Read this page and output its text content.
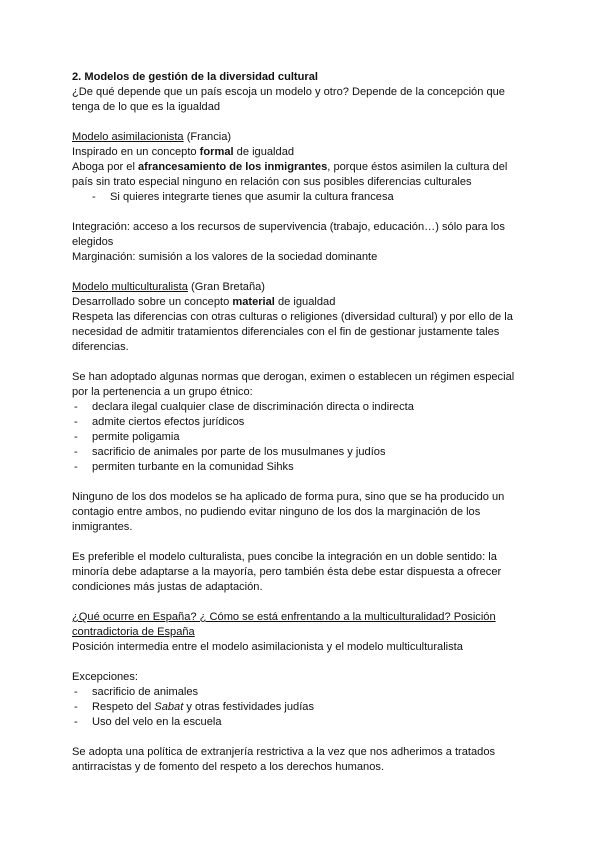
2. Modelos de gestión de la diversidad cultural

¿De qué depende que un país escoja un modelo y otro? Depende de la concepción que tenga de lo que es la igualdad

Modelo asimilacionista (Francia)

Inspirado en un concepto formal de igualdad

Aboga por el afrancesamiento de los inmigrantes, porque éstos asimilen la cultura del país sin trato especial ninguno en relación con sus posibles diferencias culturales

- Si quieres integrarte tienes que asumir la cultura francesa

Integración: acceso a los recursos de supervivencia (trabajo, educación…) sólo para los elegidos

Marginación: sumisión a los valores de la sociedad dominante

Modelo multiculturalista (Gran Bretaña)

Desarrollado sobre un concepto material de igualdad

Respeta las diferencias con otras culturas o religiones (diversidad cultural) y por ello de la necesidad de admitir tratamientos diferenciales con el fin de gestionar justamente tales diferencias.

Se han adoptado algunas normas que derogan, eximen o establecen un régimen especial por la pertenencia a un grupo étnico:

- declara ilegal cualquier clase de discriminación directa o indirecta
- admite ciertos efectos jurídicos
- permite poligamia
- sacrificio de animales por parte de los musulmanes y judíos
- permiten turbante en la comunidad Sihks

Ninguno de los dos modelos se ha aplicado de forma pura, sino que se ha producido un contagio entre ambos, no pudiendo evitar ninguno de los dos la marginación de los inmigrantes.

Es preferible el modelo culturalista, pues concibe la integración en un doble sentido: la minoría debe adaptarse a la mayoría, pero también ésta debe estar dispuesta a ofrecer condiciones más justas de adaptación.

¿Qué ocurre en España? ¿ Cómo se está enfrentando a la multiculturalidad? Posición contradictoria de España

Posición intermedia entre el modelo asimilacionista y el modelo multiculturalista

Excepciones:

- sacrificio de animales
- Respeto del Sabat y otras festividades judías
- Uso del velo en la escuela

Se adopta una política de extranjería restrictiva a la vez que nos adherimos a tratados antirracistas y de fomento del respeto a los derechos humanos.
